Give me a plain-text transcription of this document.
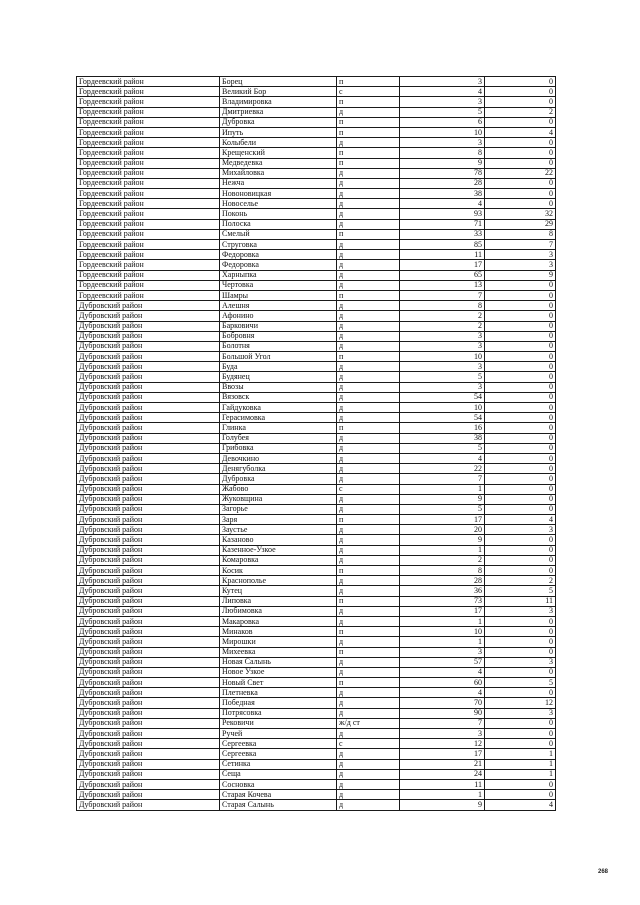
Гордеевский район	Борец	п	3	0
Гордеевский район	Великий Бор	с	4	0
Гордеевский район	Владимировка	п	3	0
Гордеевский район	Дмитриевка	д	5	2
Гордеевский район	Дубровка	п	6	0
Гордеевский район	Ипуть	п	10	4
Гордеевский район	Колыбели	д	3	0
Гордеевский район	Крещенский	п	8	0
Гордеевский район	Медведевка	п	9	0
Гордеевский район	Михайловка	д	78	22
Гордеевский район	Нежча	д	28	0
Гордеевский район	Новоновицкая	д	38	0
Гордеевский район	Новоселье	д	4	0
Гордеевский район	Поконь	д	93	32
Гордеевский район	Полоска	д	71	29
Гордеевский район	Смелый	п	33	8
Гордеевский район	Струговка	д	85	7
Гордеевский район	Федоровка	д	11	3
Гордеевский район	Федоровка	д	17	3
Гордеевский район	Харныпка	д	65	9
Гордеевский район	Чертовка	д	13	0
Гордеевский район	Шамры	п	7	0
Дубровский район	Алешня	д	8	0
Дубровский район	Афонино	д	2	0
Дубровский район	Барковичи	д	2	0
Дубровский район	Бобровня	д	3	0
Дубровский район	Болотня	д	3	0
Дубровский район	Большой Угол	п	10	0
Дубровский район	Буда	д	3	0
Дубровский район	Будянец	д	5	0
Дубровский район	Ввозы	д	3	0
Дубровский район	Вязовск	д	54	0
Дубровский район	Гайдуковка	д	10	0
Дубровский район	Герасимовка	д	54	0
Дубровский район	Глинка	п	16	0
Дубровский район	Голубея	д	38	0
Дубровский район	Грибовка	д	5	0
Дубровский район	Девочкино	д	4	0
Дубровский район	Денягуболка	д	22	0
Дубровский район	Дубровка	д	7	0
Дубровский район	Жабово	с	1	0
Дубровский район	Жуковщина	д	9	0
Дубровский район	Загорье	д	5	0
Дубровский район	Заря	п	17	4
Дубровский район	Заустье	д	20	3
Дубровский район	Казаново	д	9	0
Дубровский район	Казенное-Узкое	д	1	0
Дубровский район	Комаровка	д	2	0
Дубровский район	Косик	п	8	0
Дубровский район	Краснополье	д	28	2
Дубровский район	Кутец	д	36	5
Дубровский район	Липовка	п	73	11
Дубровский район	Любимовка	д	17	3
Дубровский район	Макаровка	д	1	0
Дубровский район	Минаков	п	10	0
Дубровский район	Мирошки	д	1	0
Дубровский район	Михеевка	п	3	0
Дубровский район	Новая Салынь	д	57	3
Дубровский район	Новое Узкое	д	4	0
Дубровский район	Новый Свет	п	60	5
Дубровский район	Плетневка	д	4	0
Дубровский район	Победная	д	70	12
Дубровский район	Потрясовка	д	90	3
Дубровский район	Рековичи	ж/д ст	7	0
Дубровский район	Ручей	д	3	0
Дубровский район	Сергеевка	с	12	0
Дубровский район	Сергеевка	д	17	1
Дубровский район	Сетинка	д	21	1
Дубровский район	Сеща	д	24	1
Дубровский район	Сосновка	д	11	0
Дубровский район	Старая Кочева	д	1	0
Дубровский район	Старая Салынь	д	9	4
268
